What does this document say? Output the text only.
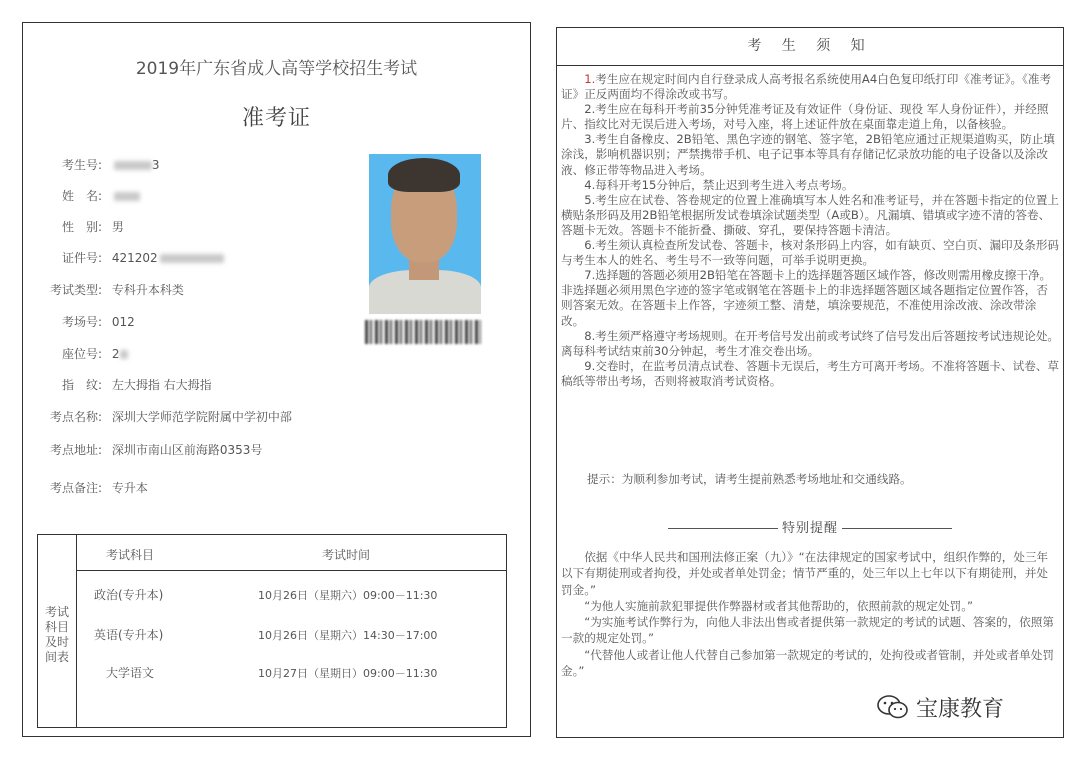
2019年广东省成人高等学校招生考试
准考证
考生号:	3
姓　名:
性　别: 男
证件号: 421202
考试类型: 专科升本科类
考场号: 012
座位号: 2
指　纹: 左大拇指 右大拇指
考点名称: 深圳大学师范学院附属中学初中部
考点地址: 深圳市南山区前海路0353号
考点备注: 专升本
考试
科目
及时
间表
考试科目	考试时间
政治(专升本)	10月26日（星期六）09:00－11:30
英语(专升本)	10月26日（星期六）14:30－17:00
大学语文	10月27日（星期日）09:00－11:30
考 生 须 知

1.考生应在规定时间内自行登录成人高考报名系统使用A4白色复印纸打印《准考证》。《准考证》正反两面均不得涂改或书写。

2.考生应在每科开考前35分钟凭准考证及有效证件（身份证、现役 军人身份证件），并经照片、指纹比对无误后进入考场，对号入座，将上述证件放在桌面靠走道上角，以备核验。

3.考生自备橡皮、2B铅笔、黑色字迹的钢笔、签字笔，2B铅笔应通过正规渠道购买，防止填涂浅，影响机器识别；严禁携带手机、电子记事本等具有存储记忆录放功能的电子设备以及涂改液、修正带等物品进入考场。

4.每科开考15分钟后，禁止迟到考生进入考点考场。

5.考生应在试卷、答卷规定的位置上准确填写本人姓名和准考证号，并在答题卡指定的位置上横贴条形码及用2B铅笔根据所发试卷填涂试题类型（A或B）。凡漏填、错填或字迹不清的答卷、答题卡无效。答题卡不能折叠、撕破、穿孔，要保持答题卡清洁。

6.考生须认真检查所发试卷、答题卡，核对条形码上内容，如有缺页、空白页、漏印及条形码与考生本人的姓名、考生号不一致等问题，可举手说明更换。

7.选择题的答题必须用2B铅笔在答题卡上的选择题答题区域作答，修改则需用橡皮擦干净。非选择题必须用黑色字迹的签字笔或钢笔在答题卡上的非选择题答题区域各题指定位置作答，否则答案无效。在答题卡上作答，字迹须工整、清楚，填涂要规范，不准使用涂改液、涂改带涂改。

8.考生须严格遵守考场规则。在开考信号发出前或考试终了信号发出后答题按考试违规论处。离每科考试结束前30分钟起，考生才准交卷出场。

9.交卷时，在监考员清点试卷、答题卡无误后，考生方可离开考场。不准将答题卡、试卷、草稿纸等带出考场，否则将被取消考试资格。

提示：为顺利参加考试，请考生提前熟悉考场地址和交通线路。
特别提醒

依据《中华人民共和国刑法修正案（九）》“在法律规定的国家考试中，组织作弊的，处三年以下有期徒刑或者拘役，并处或者单处罚金；情节严重的，处三年以上七年以下有期徒刑，并处罚金。”

“为他人实施前款犯罪提供作弊器材或者其他帮助的，依照前款的规定处罚。”

“为实施考试作弊行为，向他人非法出售或者提供第一款规定的考试的试题、答案的，依照第一款的规定处罚。”

“代替他人或者让他人代替自己参加第一款规定的考试的，处拘役或者管制，并处或者单处罚金。”

宝康教育
